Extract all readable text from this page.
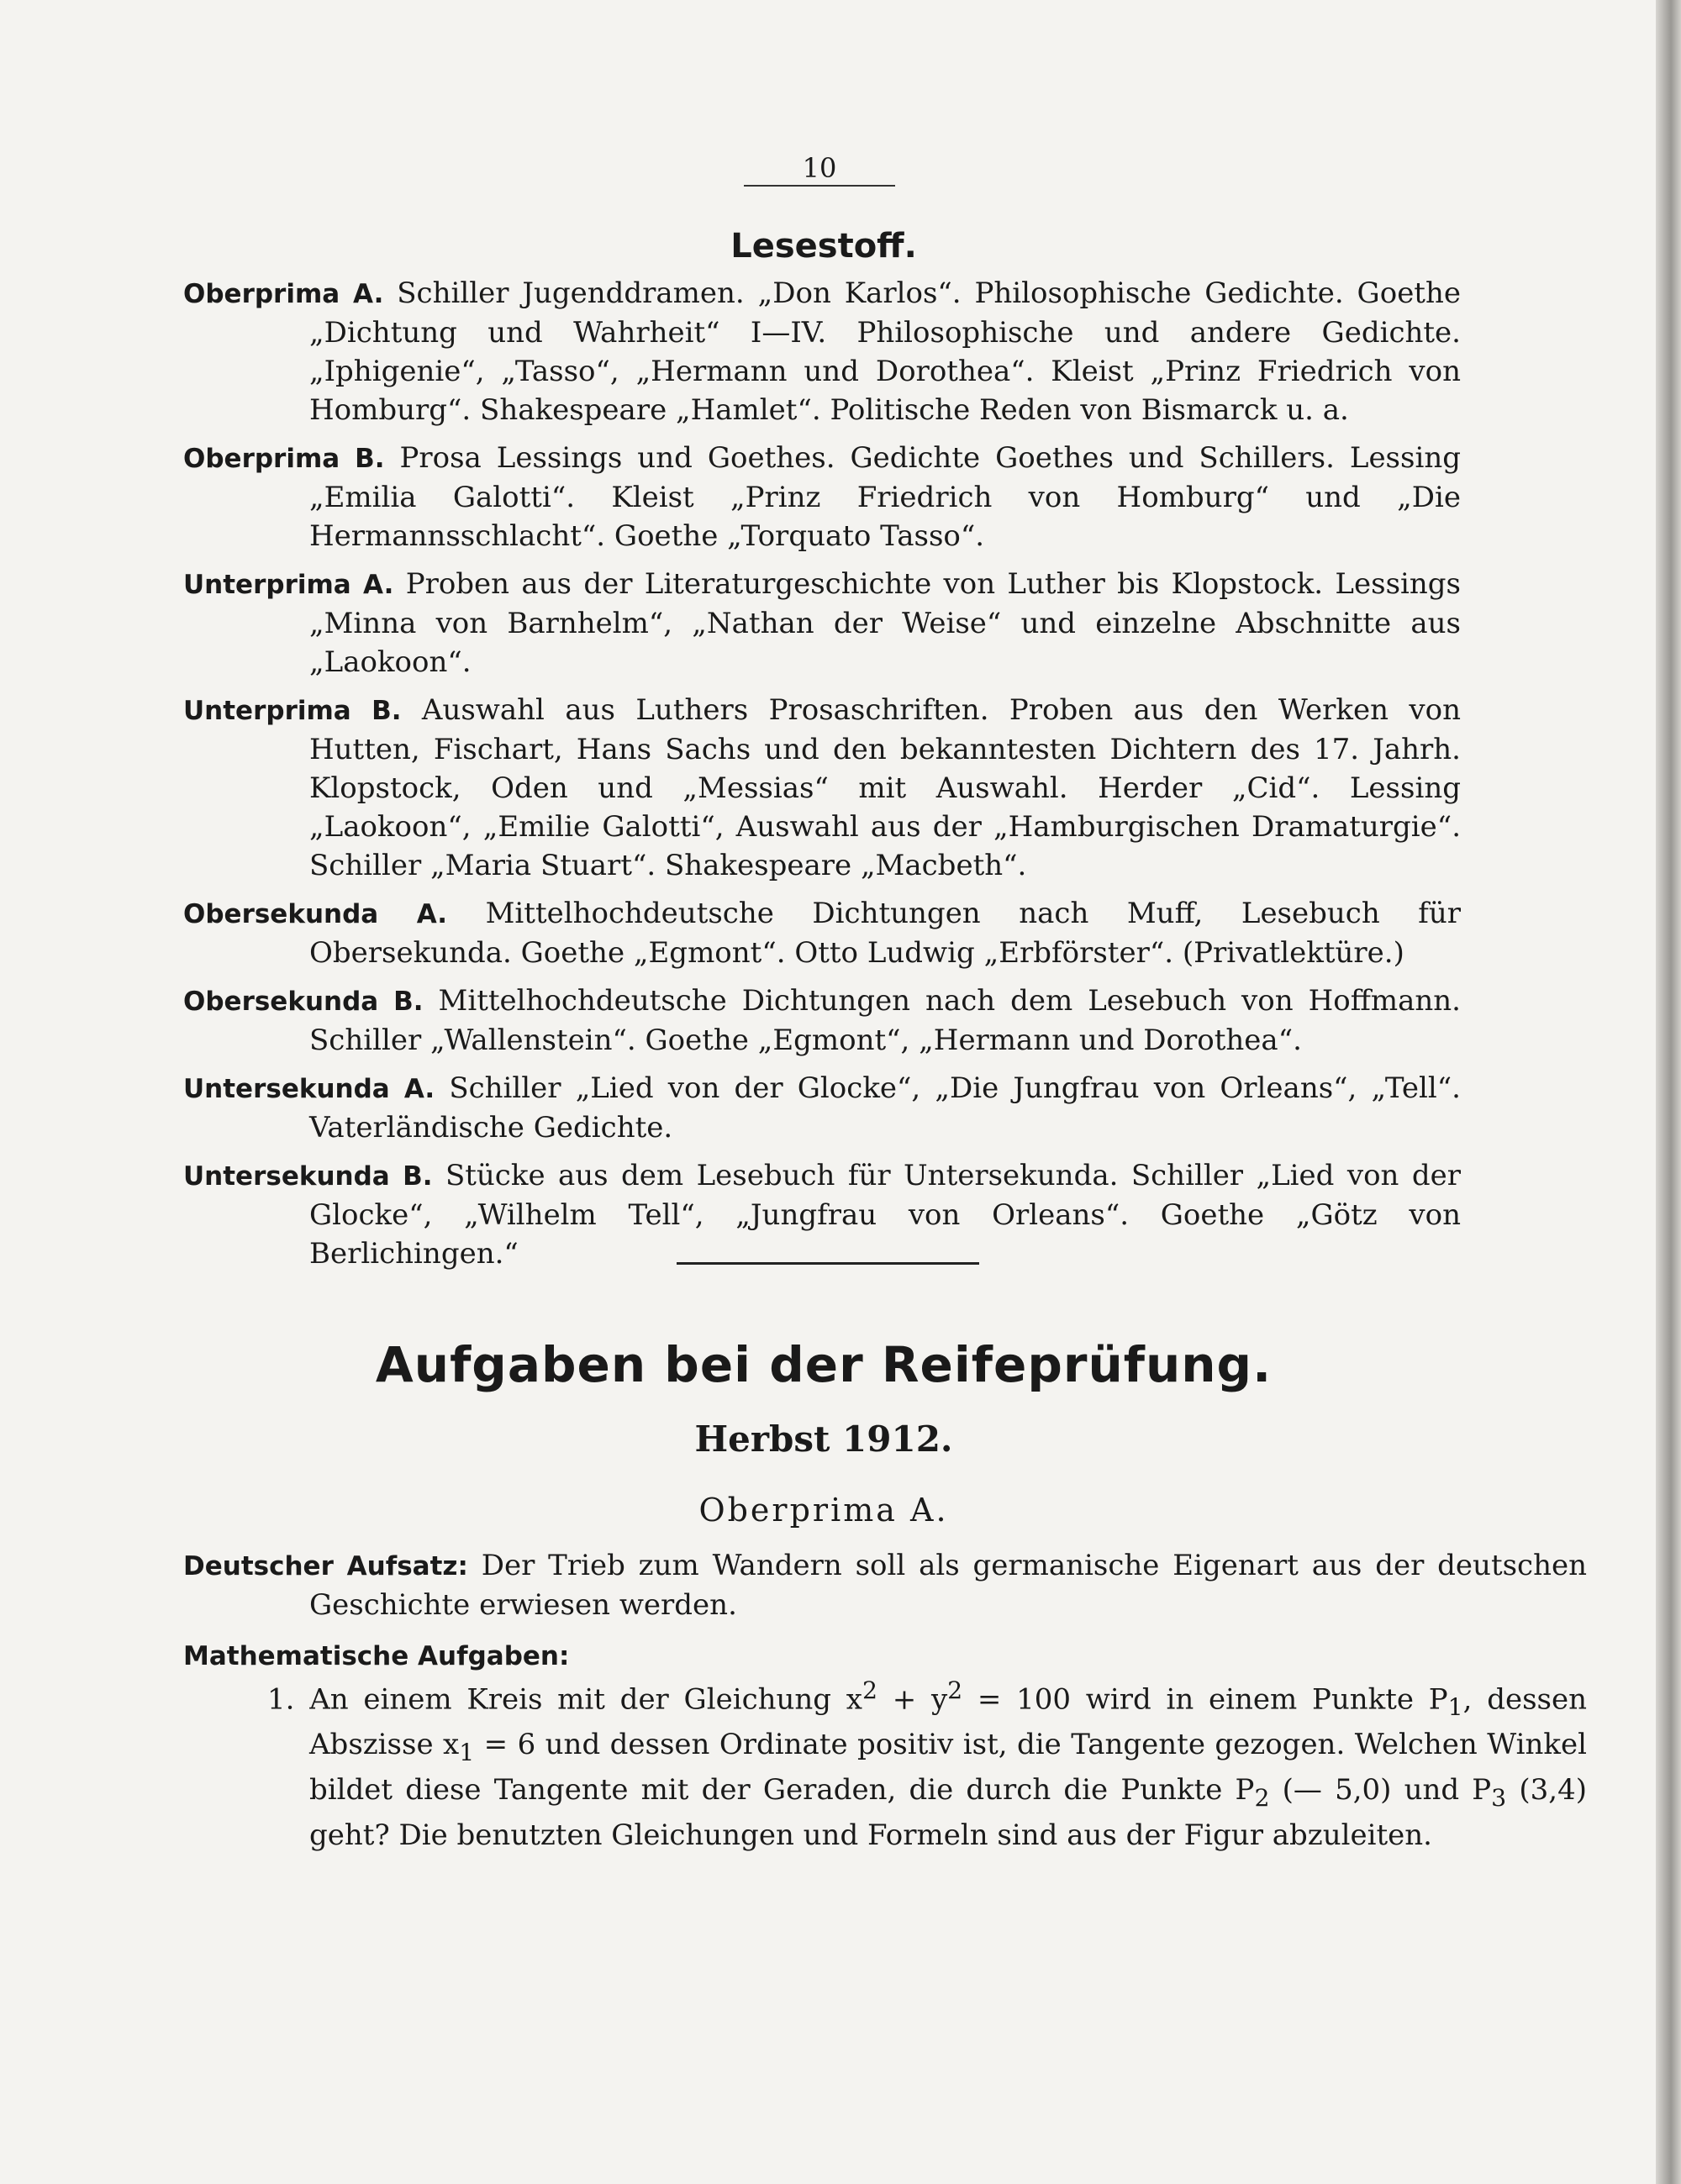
10
Lesestoff.
Oberprima A. Schiller Jugenddramen. „Don Karlos“. Philosophische Gedichte. Goethe „Dichtung und Wahrheit“ I—IV. Philosophische und andere Gedichte. „Iphigenie“, „Tasso“, „Hermann und Dorothea“. Kleist „Prinz Friedrich von Homburg“. Shakespeare „Hamlet“. Politische Reden von Bismarck u. a.
Oberprima B. Prosa Lessings und Goethes. Gedichte Goethes und Schillers. Lessing „Emilia Galotti“. Kleist „Prinz Friedrich von Homburg“ und „Die Hermannsschlacht“. Goethe „Torquato Tasso“.
Unterprima A. Proben aus der Literaturgeschichte von Luther bis Klopstock. Lessings „Minna von Barnhelm“, „Nathan der Weise“ und einzelne Abschnitte aus „Laokoon“.
Unterprima B. Auswahl aus Luthers Prosaschriften. Proben aus den Werken von Hutten, Fischart, Hans Sachs und den bekanntesten Dichtern des 17. Jahrh. Klopstock, Oden und „Messias“ mit Auswahl. Herder „Cid“. Lessing „Laokoon“, „Emilie Galotti“, Auswahl aus der „Hamburgischen Dramaturgie“. Schiller „Maria Stuart“. Shakespeare „Macbeth“.
Obersekunda A. Mittelhochdeutsche Dichtungen nach Muff, Lesebuch für Obersekunda. Goethe „Egmont“. Otto Ludwig „Erbförster“. (Privatlektüre.)
Obersekunda B. Mittelhochdeutsche Dichtungen nach dem Lesebuch von Hoffmann. Schiller „Wallenstein“. Goethe „Egmont“, „Hermann und Dorothea“.
Untersekunda A. Schiller „Lied von der Glocke“, „Die Jungfrau von Orleans“, „Tell“. Vaterländische Gedichte.
Untersekunda B. Stücke aus dem Lesebuch für Untersekunda. Schiller „Lied von der Glocke“, „Wilhelm Tell“, „Jungfrau von Orleans“. Goethe „Götz von Berlichingen.“
Aufgaben bei der Reifeprüfung.
Herbst 1912.
Oberprima A.
Deutscher Aufsatz: Der Trieb zum Wandern soll als germanische Eigenart aus der deutschen Geschichte erwiesen werden.
Mathematische Aufgaben:
1. An einem Kreis mit der Gleichung $x^2 + y^2 = 100$ wird in einem Punkte $P_1$, dessen Abszisse $x_1 = 6$ und dessen Ordinate positiv ist, die Tangente gezogen. Welchen Winkel bildet diese Tangente mit der Geraden, die durch die Punkte $P_2$ (— 5,0) und $P_3$ (3,4) geht? Die benutzten Gleichungen und Formeln sind aus der Figur abzuleiten.
